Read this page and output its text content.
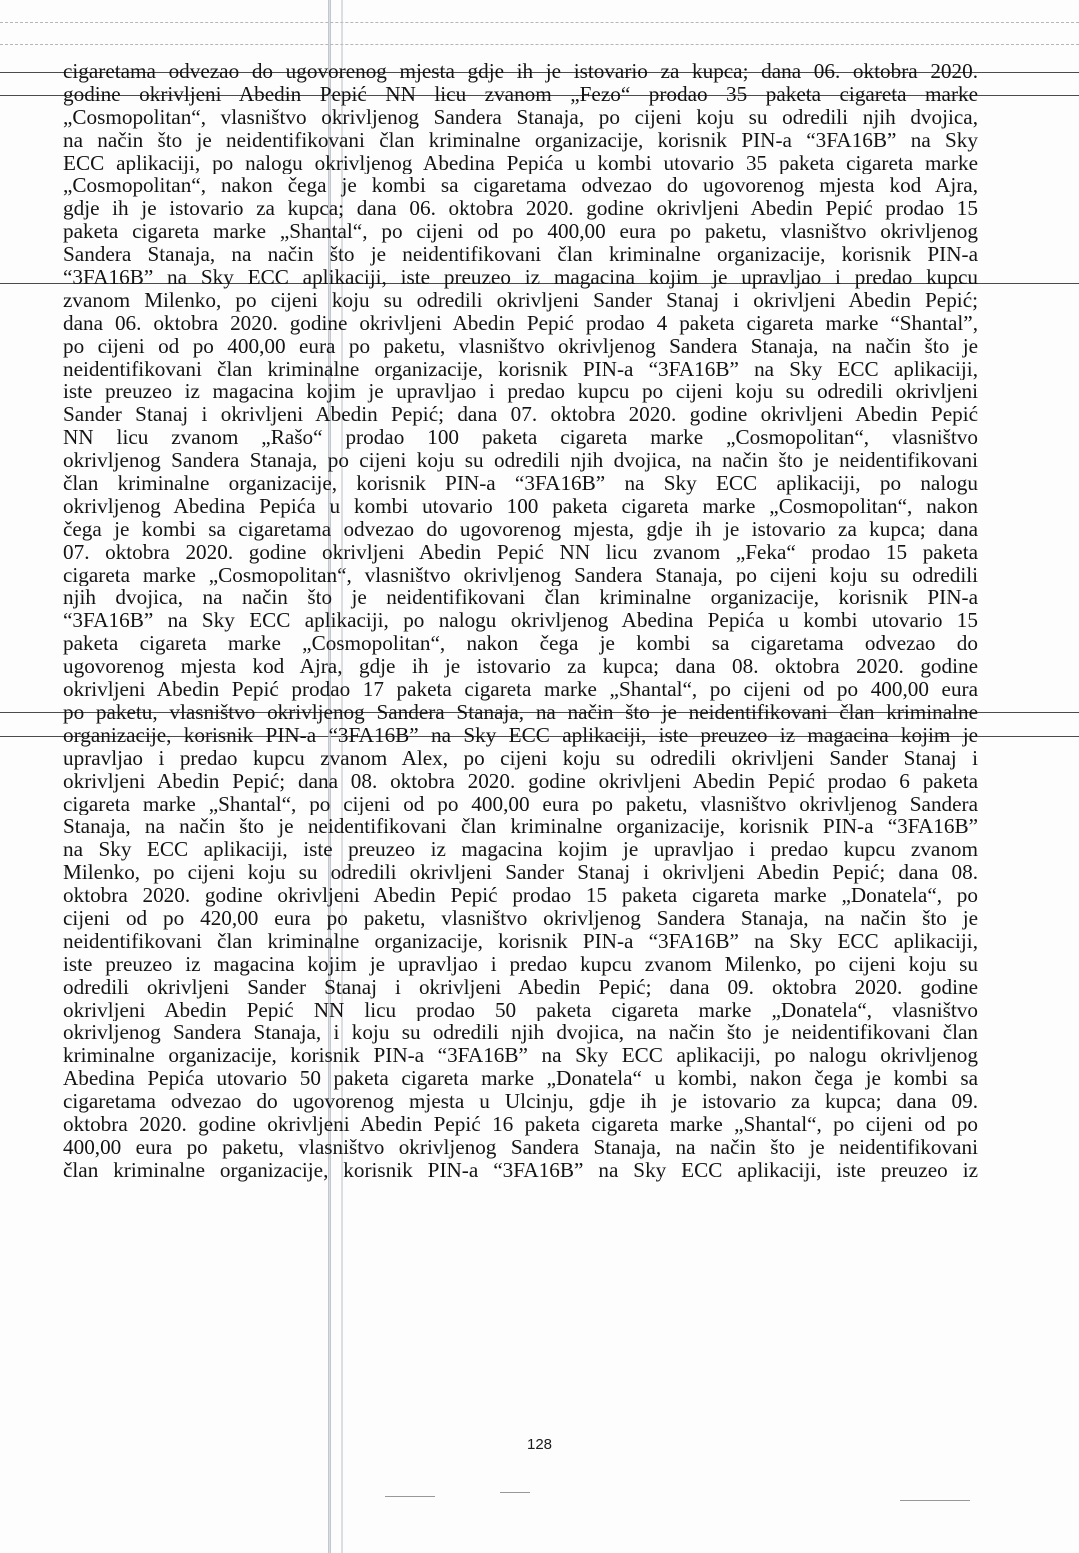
cigaretama odvezao do ugovorenog mjesta gdje ih je istovario za kupca; dana 06. oktobra 2020.
godine okrivljeni Abedin Pepić NN licu zvanom „Fezo“ prodao 35 paketa cigareta marke
„Cosmopolitan“, vlasništvo okrivljenog Sandera Stanaja, po cijeni koju su odredili njih dvojica,
na način što je neidentifikovani član kriminalne organizacije, korisnik PIN-a “3FA16B” na Sky
ECC aplikaciji, po nalogu okrivljenog Abedina Pepića u kombi utovario 35 paketa cigareta marke
„Cosmopolitan“, nakon čega je kombi sa cigaretama odvezao do ugovorenog mjesta kod Ajra,
gdje ih je istovario za kupca; dana 06. oktobra 2020. godine okrivljeni Abedin Pepić prodao 15
paketa cigareta marke „Shantal“, po cijeni od po 400,00 eura po paketu, vlasništvo okrivljenog
Sandera Stanaja, na način što je neidentifikovani član kriminalne organizacije, korisnik PIN-a
“3FA16B” na Sky ECC aplikaciji, iste preuzeo iz magacina kojim je upravljao i predao kupcu
zvanom Milenko, po cijeni koju su odredili okrivljeni Sander Stanaj i okrivljeni Abedin Pepić;
dana 06. oktobra 2020. godine okrivljeni Abedin Pepić prodao 4 paketa cigareta marke “Shantal”,
po cijeni od po 400,00 eura po paketu, vlasništvo okrivljenog Sandera Stanaja, na način što je
neidentifikovani član kriminalne organizacije, korisnik PIN-a “3FA16B” na Sky ECC aplikaciji,
iste preuzeo iz magacina kojim je upravljao i predao kupcu po cijeni koju su odredili okrivljeni
Sander Stanaj i okrivljeni Abedin Pepić; dana 07. oktobra 2020. godine okrivljeni Abedin Pepić
NN licu zvanom „Rašo“ prodao 100 paketa cigareta marke „Cosmopolitan“, vlasništvo
okrivljenog Sandera Stanaja, po cijeni koju su odredili njih dvojica, na način što je neidentifikovani
član kriminalne organizacije, korisnik PIN-a “3FA16B” na Sky ECC aplikaciji, po nalogu
okrivljenog Abedina Pepića u kombi utovario 100 paketa cigareta marke „Cosmopolitan“, nakon
čega je kombi sa cigaretama odvezao do ugovorenog mjesta, gdje ih je istovario za kupca; dana
07. oktobra 2020. godine okrivljeni Abedin Pepić NN licu zvanom „Feka“ prodao 15 paketa
cigareta marke „Cosmopolitan“, vlasništvo okrivljenog Sandera Stanaja, po cijeni koju su odredili
njih dvojica, na način što je neidentifikovani član kriminalne organizacije, korisnik PIN-a
“3FA16B” na Sky ECC aplikaciji, po nalogu okrivljenog Abedina Pepića u kombi utovario 15
paketa cigareta marke „Cosmopolitan“, nakon čega je kombi sa cigaretama odvezao do
ugovorenog mjesta kod Ajra, gdje ih je istovario za kupca; dana 08. oktobra 2020. godine
okrivljeni Abedin Pepić prodao 17 paketa cigareta marke „Shantal“, po cijeni od po 400,00 eura
po paketu, vlasništvo okrivljenog Sandera Stanaja, na način što je neidentifikovani član kriminalne
organizacije, korisnik PIN-a “3FA16B” na Sky ECC aplikaciji, iste preuzeo iz magacina kojim je
upravljao i predao kupcu zvanom Alex, po cijeni koju su odredili okrivljeni Sander Stanaj i
okrivljeni Abedin Pepić; dana 08. oktobra 2020. godine okrivljeni Abedin Pepić prodao 6 paketa
cigareta marke „Shantal“, po cijeni od po 400,00 eura po paketu, vlasništvo okrivljenog Sandera
Stanaja, na način što je neidentifikovani član kriminalne organizacije, korisnik PIN-a “3FA16B”
na Sky ECC aplikaciji, iste preuzeo iz magacina kojim je upravljao i predao kupcu zvanom
Milenko, po cijeni koju su odredili okrivljeni Sander Stanaj i okrivljeni Abedin Pepić; dana 08.
oktobra 2020. godine okrivljeni Abedin Pepić prodao 15 paketa cigareta marke „Donatela“, po
cijeni od po 420,00 eura po paketu, vlasništvo okrivljenog Sandera Stanaja, na način što je
neidentifikovani član kriminalne organizacije, korisnik PIN-a “3FA16B” na Sky ECC aplikaciji,
iste preuzeo iz magacina kojim je upravljao i predao kupcu zvanom Milenko, po cijeni koju su
odredili okrivljeni Sander Stanaj i okrivljeni Abedin Pepić; dana 09. oktobra 2020. godine
okrivljeni Abedin Pepić NN licu prodao 50 paketa cigareta marke „Donatela“, vlasništvo
okrivljenog Sandera Stanaja, i koju su odredili njih dvojica, na način što je neidentifikovani član
kriminalne organizacije, korisnik PIN-a “3FA16B” na Sky ECC aplikaciji, po nalogu okrivljenog
Abedina Pepića utovario 50 paketa cigareta marke „Donatela“ u kombi, nakon čega je kombi sa
cigaretama odvezao do ugovorenog mjesta u Ulcinju, gdje ih je istovario za kupca; dana 09.
oktobra 2020. godine okrivljeni Abedin Pepić 16 paketa cigareta marke „Shantal“, po cijeni od po
400,00 eura po paketu, vlasništvo okrivljenog Sandera Stanaja, na način što je neidentifikovani
član kriminalne organizacije, korisnik PIN-a “3FA16B” na Sky ECC aplikaciji, iste preuzeo iz
128
